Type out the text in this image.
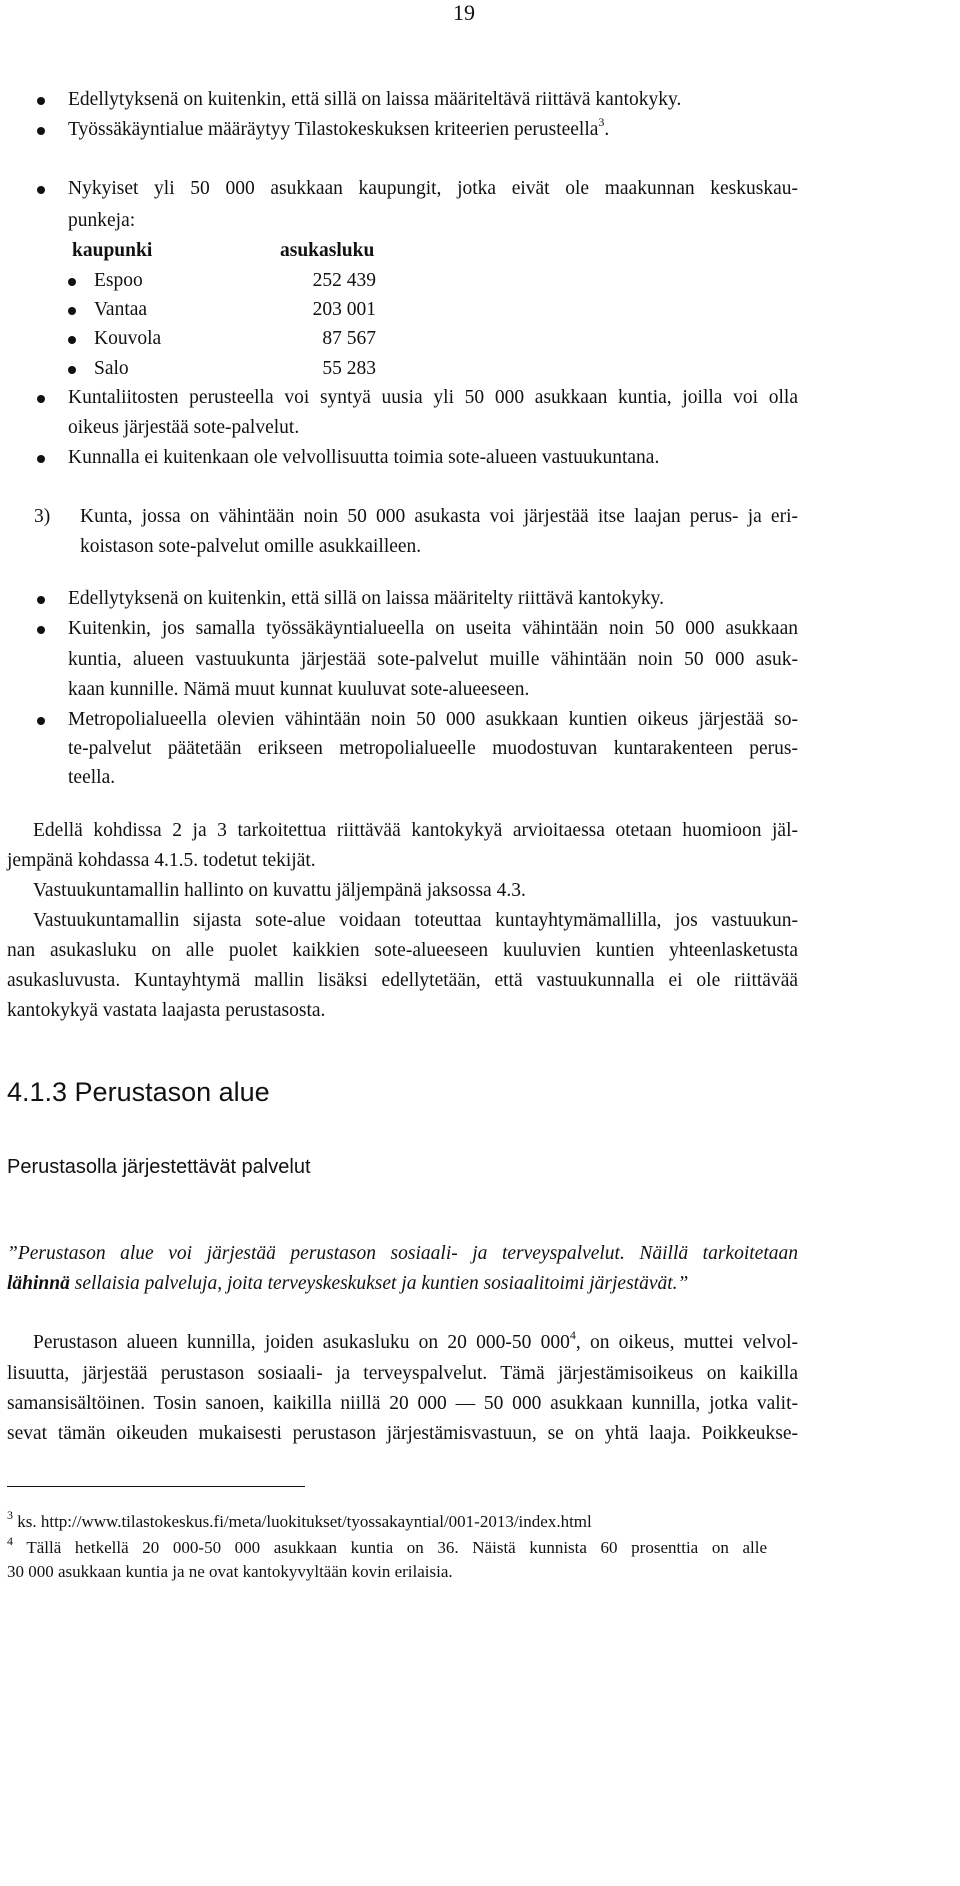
19
Edellytyksenä on kuitenkin, että sillä on laissa määriteltävä riittävä kantokyky.
Työssäkäyntialue määräytyy Tilastokeskuksen kriteerien perusteella$^3$.
Nykyiset yli 50 000 asukkaan kaupungit, jotka eivät ole maakunnan keskuskau-
punkeja:
kaupunki	asukasluku
Espoo	252 439
Vantaa	203 001
Kouvola	87 567
Salo	55 283
Kuntaliitosten perusteella voi syntyä uusia yli 50 000 asukkaan kuntia, joilla voi olla
oikeus järjestää sote-palvelut.
Kunnalla ei kuitenkaan ole velvollisuutta toimia sote-alueen vastuukuntana.
3) Kunta, jossa on vähintään noin 50 000 asukasta voi järjestää itse laajan perus- ja eri-
koistason sote-palvelut omille asukkailleen.
Edellytyksenä on kuitenkin, että sillä on laissa määritelty riittävä kantokyky.
Kuitenkin, jos samalla työssäkäyntialueella on useita vähintään noin 50 000 asukkaan
kuntia, alueen vastuukunta järjestää sote-palvelut muille vähintään noin 50 000 asuk-
kaan kunnille. Nämä muut kunnat kuuluvat sote-alueeseen.
Metropolialueella olevien vähintään noin 50 000 asukkaan kuntien oikeus järjestää so-
te-palvelut päätetään erikseen metropolialueelle muodostuvan kuntarakenteen perus-
teella.
Edellä kohdissa 2 ja 3 tarkoitettua riittävää kantokykyä arvioitaessa otetaan huomioon jäl-
jempänä kohdassa 4.1.5. todetut tekijät.
Vastuukuntamallin hallinto on kuvattu jäljempänä jaksossa 4.3.
Vastuukuntamallin sijasta sote-alue voidaan toteuttaa kuntayhtymämallilla, jos vastuukun-
nan asukasluku on alle puolet kaikkien sote-alueeseen kuuluvien kuntien yhteenlasketusta
asukasluvusta. Kuntayhtymä mallin lisäksi edellytetään, että vastuukunnalla ei ole riittävää
kantokykyä vastata laajasta perustasosta.
4.1.3 Perustason alue
Perustasolla järjestettävät palvelut
”Perustason alue voi järjestää perustason sosiaali- ja terveyspalvelut. Näillä tarkoitetaan
lähinnä sellaisia palveluja, joita terveyskeskukset ja kuntien sosiaalitoimi järjestävät.”
Perustason alueen kunnilla, joiden asukasluku on 20 000-50 $000^4$, on oikeus, muttei velvol-
lisuutta, järjestää perustason sosiaali- ja terveyspalvelut. Tämä järjestämisoikeus on kaikilla
samansisältöinen. Tosin sanoen, kaikilla niillä 20 000 — 50 000 asukkaan kunnilla, jotka valit-
sevat tämän oikeuden mukaisesti perustason järjestämisvastuun, se on yhtä laaja. Poikkeukse-
$^3$ ks. http://www.tilastokeskus.fi/meta/luokitukset/tyossakayntial/001-2013/index.html
$^4$ Tällä hetkellä 20 000-50 000 asukkaan kuntia on 36. Näistä kunnista 60 prosenttia on alle
30 000 asukkaan kuntia ja ne ovat kantokyvyltään kovin erilaisia.
